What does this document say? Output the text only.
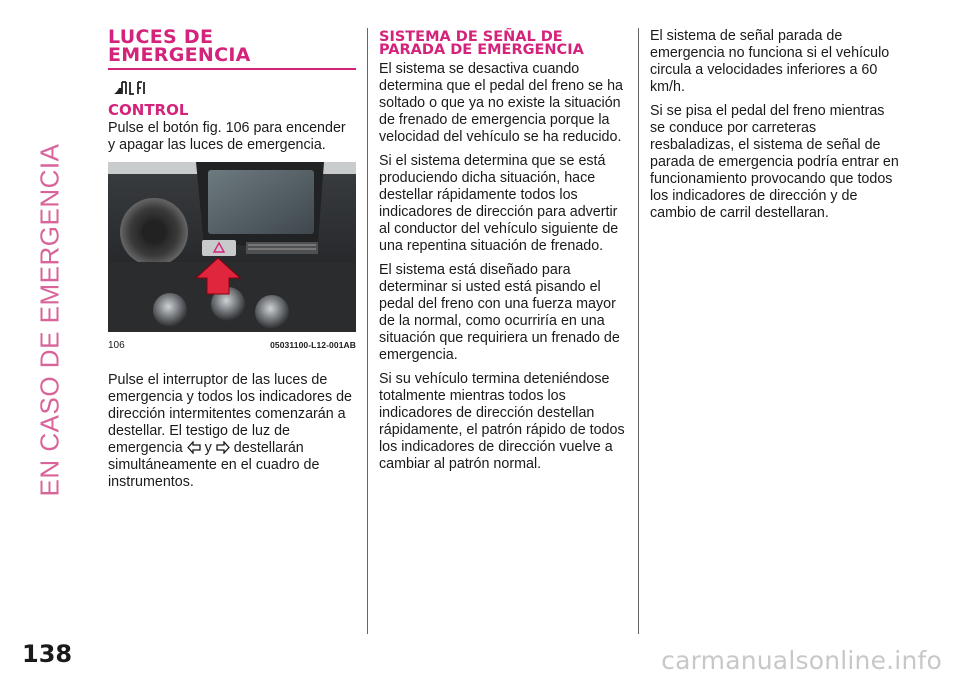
EN CASO DE EMERGENCIA
LUCES DE EMERGENCIA
CONTROL

Pulse el botón fig. 106 para encender y apagar las luces de emergencia.

106	05031100-L12-001AB

Pulse el interruptor de las luces de emergencia y todos los indicadores de dirección intermitentes comenzarán a destellar. El testigo de luz de emergencia y destellarán simultáneamente en el cuadro de instrumentos.

SISTEMA DE SEÑAL DE PARADA DE EMERGENCIA

El sistema se desactiva cuando determina que el pedal del freno se ha soltado o que ya no existe la situación de frenado de emergencia porque la velocidad del vehículo se ha reducido.

Si el sistema determina que se está produciendo dicha situación, hace destellar rápidamente todos los indicadores de dirección para advertir al conductor del vehículo siguiente de una repentina situación de frenado.

El sistema está diseñado para determinar si usted está pisando el pedal del freno con una fuerza mayor de la normal, como ocurriría en una situación que requiriera un frenado de emergencia.

Si su vehículo termina deteniéndose totalmente mientras todos los indicadores de dirección destellan rápidamente, el patrón rápido de todos los indicadores de dirección vuelve a cambiar al patrón normal.

El sistema de señal parada de emergencia no funciona si el vehículo circula a velocidades inferiores a 60 km/h.

Si se pisa el pedal del freno mientras se conduce por carreteras resbaladizas, el sistema de señal de parada de emergencia podría entrar en funcionamiento provocando que todos los indicadores de dirección y de cambio de carril destellaran.

138	carmanualsonline.info
